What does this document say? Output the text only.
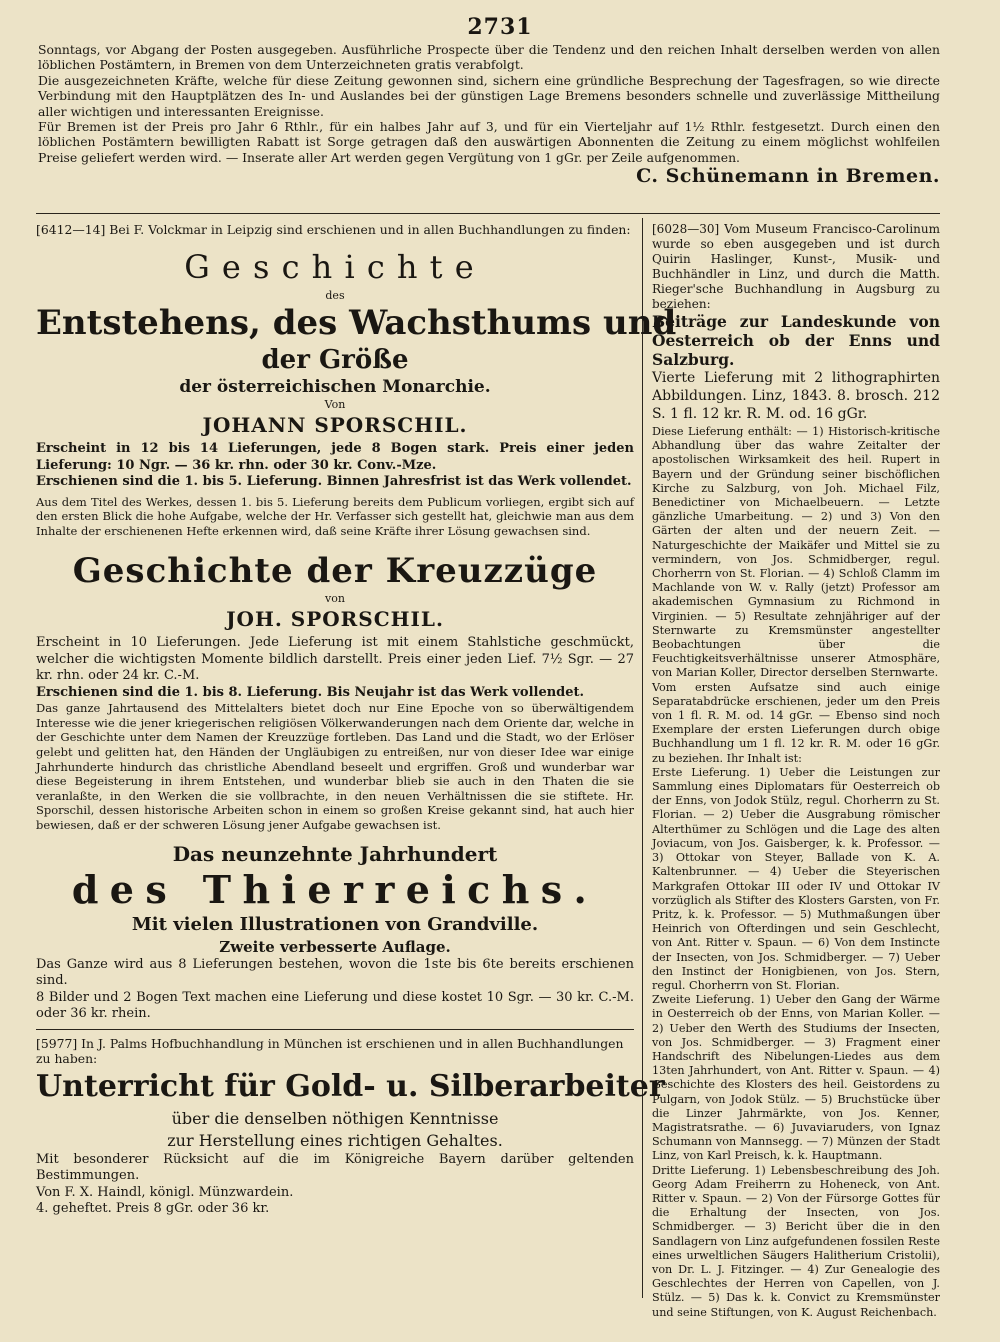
2731

Sonntags, vor Abgang der Posten ausgegeben. Ausführliche Prospecte über die Tendenz und den reichen Inhalt derselben werden von allen löblichen Postämtern, in Bremen von dem Unterzeichneten gratis verabfolgt.

Die ausgezeichneten Kräfte, welche für diese Zeitung gewonnen sind, sichern eine gründliche Besprechung der Tagesfragen, so wie directe Verbindung mit den Hauptplätzen des In- und Auslandes bei der günstigen Lage Bremens besonders schnelle und zuverlässige Mittheilung aller wichtigen und interessanten Ereignisse.

Für Bremen ist der Preis pro Jahr 6 Rthlr., für ein halbes Jahr auf 3, und für ein Vierteljahr auf 1½ Rthlr. festgesetzt. Durch einen den löblichen Postämtern bewilligten Rabatt ist Sorge getragen daß den auswärtigen Abonnenten die Zeitung zu einem möglichst wohlfeilen Preise geliefert werden wird. — Inserate aller Art werden gegen Vergütung von 1 gGr. per Zeile aufgenommen.

C. Schünemann in Bremen.

[6412—14] Bei F. Volckmar in Leipzig sind erschienen und in allen Buchhandlungen zu finden:

Geschichte
des
Entstehens, des Wachsthums und
der Größe
der österreichischen Monarchie.
Von
JOHANN SPORSCHIL.

Erscheint in 12 bis 14 Lieferungen, jede 8 Bogen stark. Preis einer jeden Lieferung: 10 Ngr. — 36 kr. rhn. oder 30 kr. Conv.-Mze.

Erschienen sind die 1. bis 5. Lieferung. Binnen Jahresfrist ist das Werk vollendet.

Aus dem Titel des Werkes, dessen 1. bis 5. Lieferung bereits dem Publicum vorliegen, ergibt sich auf den ersten Blick die hohe Aufgabe, welche der Hr. Verfasser sich gestellt hat, gleichwie man aus dem Inhalte der erschienenen Hefte erkennen wird, daß seine Kräfte ihrer Lösung gewachsen sind.

Geschichte der Kreuzzüge
von
JOH. SPORSCHIL.

Erscheint in 10 Lieferungen. Jede Lieferung ist mit einem Stahlstiche geschmückt, welcher die wichtigsten Momente bildlich darstellt. Preis einer jeden Lief. 7½ Sgr. — 27 kr. rhn. oder 24 kr. C.-M.

Erschienen sind die 1. bis 8. Lieferung. Bis Neujahr ist das Werk vollendet.

Das ganze Jahrtausend des Mittelalters bietet doch nur Eine Epoche von so überwältigendem Interesse wie die jener kriegerischen religiösen Völkerwanderungen nach dem Oriente dar, welche in der Geschichte unter dem Namen der Kreuzzüge fortleben. Das Land und die Stadt, wo der Erlöser gelebt und gelitten hat, den Händen der Ungläubigen zu entreißen, nur von dieser Idee war einige Jahrhunderte hindurch das christliche Abendland beseelt und ergriffen. Groß und wunderbar war diese Begeisterung in ihrem Entstehen, und wunderbar blieb sie auch in den Thaten die sie veranlaßte, in den Werken die sie vollbrachte, in den neuen Verhältnissen die sie stiftete. Hr. Sporschil, dessen historische Arbeiten schon in einem so großen Kreise gekannt sind, hat auch hier bewiesen, daß er der schweren Lösung jener Aufgabe gewachsen ist.

Das neunzehnte Jahrhundert
des Thierreichs.
Mit vielen Illustrationen von Grandville.
Zweite verbesserte Auflage.

Das Ganze wird aus 8 Lieferungen bestehen, wovon die 1ste bis 6te bereits erschienen sind.

8 Bilder und 2 Bogen Text machen eine Lieferung und diese kostet 10 Sgr. — 30 kr. C.-M. oder 36 kr. rhein.

[5977] In J. Palms Hofbuchhandlung in München ist erschienen und in allen Buchhandlungen zu haben:

Unterricht für Gold- u. Silberarbeiter
über die denselben nöthigen Kenntnisse
zur Herstellung eines richtigen Gehaltes.

Mit besonderer Rücksicht auf die im Königreiche Bayern darüber geltenden Bestimmungen.

Von F. X. Haindl, königl. Münzwardein.
4. geheftet. Preis 8 gGr. oder 36 kr.

[6028—30] Vom Museum Francisco-Carolinum wurde so eben ausgegeben und ist durch Quirin Haslinger, Kunst-, Musik- und Buchhändler in Linz, und durch die Matth. Rieger'sche Buchhandlung in Augsburg zu beziehen:

Beiträge zur Landeskunde von Oesterreich ob der Enns und Salzburg.

Vierte Lieferung mit 2 lithographirten Abbildungen. Linz, 1843. 8. brosch. 212 S. 1 fl. 12 kr. R. M. od. 16 gGr.

Diese Lieferung enthält: — 1) Historisch-kritische Abhandlung über das wahre Zeitalter der apostolischen Wirksamkeit des heil. Rupert in Bayern und der Gründung seiner bischöflichen Kirche zu Salzburg, von Joh. Michael Filz, Benedictiner von Michaelbeuern. — Letzte gänzliche Umarbeitung. — 2) und 3) Von den Gärten der alten und der neuern Zeit. — Naturgeschichte der Maikäfer und Mittel sie zu vermindern, von Jos. Schmidberger, regul. Chorherrn von St. Florian. — 4) Schloß Clamm im Machlande von W. v. Rally (jetzt) Professor am akademischen Gymnasium zu Richmond in Virginien. — 5) Resultate zehnjähriger auf der Sternwarte zu Kremsmünster angestellter Beobachtungen über die Feuchtigkeitsverhältnisse unserer Atmosphäre, von Marian Koller, Director derselben Sternwarte.

Vom ersten Aufsatze sind auch einige Separatabdrücke erschienen, jeder um den Preis von 1 fl. R. M. od. 14 gGr. — Ebenso sind noch Exemplare der ersten Lieferungen durch obige Buchhandlung um 1 fl. 12 kr. R. M. oder 16 gGr. zu beziehen. Ihr Inhalt ist:

Erste Lieferung. 1) Ueber die Leistungen zur Sammlung eines Diplomatars für Oesterreich ob der Enns, von Jodok Stülz, regul. Chorherrn zu St. Florian. — 2) Ueber die Ausgrabung römischer Alterthümer zu Schlögen und die Lage des alten Joviacum, von Jos. Gaisberger, k. k. Professor. — 3) Ottokar von Steyer, Ballade von K. A. Kaltenbrunner. — 4) Ueber die Steyerischen Markgrafen Ottokar III oder IV und Ottokar IV vorzüglich als Stifter des Klosters Garsten, von Fr. Pritz, k. k. Professor. — 5) Muthmaßungen über Heinrich von Ofterdingen und sein Geschlecht, von Ant. Ritter v. Spaun. — 6) Von dem Instincte der Insecten, von Jos. Schmidberger. — 7) Ueber den Instinct der Honigbienen, von Jos. Stern, regul. Chorherrn von St. Florian.

Zweite Lieferung. 1) Ueber den Gang der Wärme in Oesterreich ob der Enns, von Marian Koller. — 2) Ueber den Werth des Studiums der Insecten, von Jos. Schmidberger. — 3) Fragment einer Handschrift des Nibelungen-Liedes aus dem 13ten Jahrhundert, von Ant. Ritter v. Spaun. — 4) Geschichte des Klosters des heil. Geistordens zu Pulgarn, von Jodok Stülz. — 5) Bruchstücke über die Linzer Jahrmärkte, von Jos. Kenner, Magistratsrathe. — 6) Juvaviaruders, von Ignaz Schumann von Mannsegg. — 7) Münzen der Stadt Linz, von Karl Preisch, k. k. Hauptmann.

Dritte Lieferung. 1) Lebensbeschreibung des Joh. Georg Adam Freiherrn zu Hoheneck, von Ant. Ritter v. Spaun. — 2) Von der Fürsorge Gottes für die Erhaltung der Insecten, von Jos. Schmidberger. — 3) Bericht über die in den Sandlagern von Linz aufgefundenen fossilen Reste eines urweltlichen Säugers Halitherium Cristolii), von Dr. L. J. Fitzinger. — 4) Zur Genealogie des Geschlechtes der Herren von Capellen, von J. Stülz. — 5) Das k. k. Convict zu Kremsmünster und seine Stiftungen, von K. August Reichenbach.
